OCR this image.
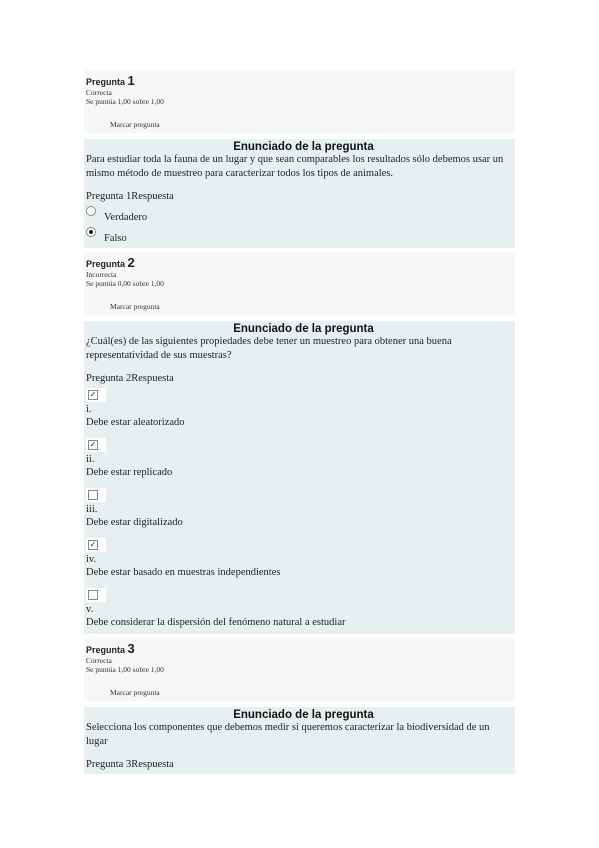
Pregunta 1
Correcta
Se puntúa 1,00 sobre 1,00
Marcar pregunta
Enunciado de la pregunta
Para estudiar toda la fauna de un lugar y que sean comparables los resultados sólo debemos usar un mismo método de muestreo para caracterizar todos los tipos de animales.
Pregunta 1Respuesta
Verdadero
Falso
Pregunta 2
Incorrecta
Se puntúa 0,00 sobre 1,00
Marcar pregunta
Enunciado de la pregunta
¿Cuál(es) de las siguientes propiedades debe tener un muestreo para obtener una buena representatividad de sus muestras?
Pregunta 2Respuesta
✓
i.
Debe estar aleatorizado
✓
ii.
Debe estar replicado
iii.
Debe estar digitalizado
✓
iv.
Debe estar basado en muestras independientes
v.
Debe considerar la dispersión del fenómeno natural a estudiar
Pregunta 3
Correcta
Se puntúa 1,00 sobre 1,00
Marcar pregunta
Enunciado de la pregunta
Selecciona los componentes que debemos medir si queremos caracterizar la biodiversidad de un lugar
Pregunta 3Respuesta
